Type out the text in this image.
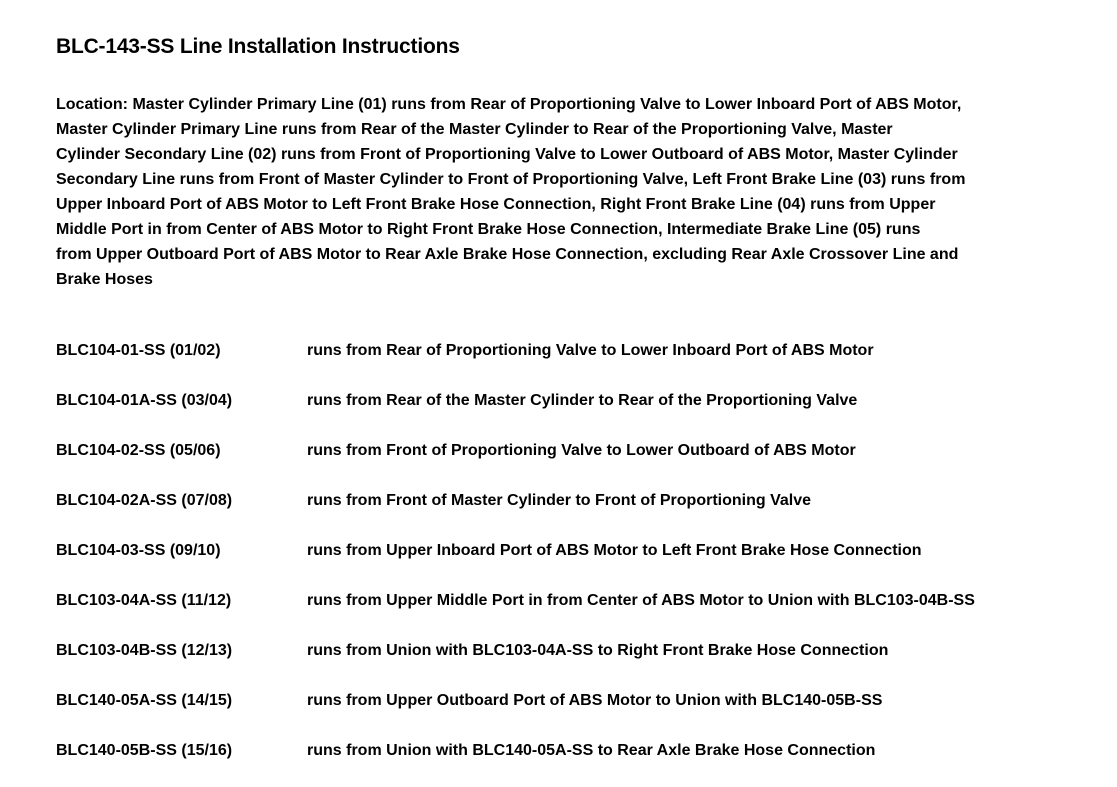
BLC-143-SS Line Installation Instructions
Location: Master Cylinder Primary Line (01) runs from Rear of Proportioning Valve to Lower Inboard Port of ABS Motor,
Master Cylinder Primary Line runs from Rear of the Master Cylinder to Rear of the Proportioning Valve, Master
Cylinder Secondary Line (02) runs from Front of Proportioning Valve to Lower Outboard of ABS Motor, Master Cylinder
Secondary Line runs from Front of Master Cylinder to Front of Proportioning Valve, Left Front Brake Line (03) runs from
Upper Inboard Port of ABS Motor to Left Front Brake Hose Connection, Right Front Brake Line (04) runs from Upper
Middle Port in from Center of ABS Motor to Right Front Brake Hose Connection, Intermediate Brake Line (05) runs
from Upper Outboard Port of ABS Motor to Rear Axle Brake Hose Connection, excluding Rear Axle Crossover Line and
Brake Hoses
BLC104-01-SS (01/02)	runs from Rear of Proportioning Valve to Lower Inboard Port of ABS Motor
BLC104-01A-SS (03/04)	runs from Rear of the Master Cylinder to Rear of the Proportioning Valve
BLC104-02-SS (05/06)	runs from Front of Proportioning Valve to Lower Outboard of ABS Motor
BLC104-02A-SS (07/08)	runs from Front of Master Cylinder to Front of Proportioning Valve
BLC104-03-SS (09/10)	runs from Upper Inboard Port of ABS Motor to Left Front Brake Hose Connection
BLC103-04A-SS (11/12)	runs from Upper Middle Port in from Center of ABS Motor to Union with BLC103-04B-SS
BLC103-04B-SS (12/13)	runs from Union with BLC103-04A-SS to Right Front Brake Hose Connection
BLC140-05A-SS (14/15)	runs from Upper Outboard Port of ABS Motor to Union with BLC140-05B-SS
BLC140-05B-SS (15/16)	runs from Union with BLC140-05A-SS to Rear Axle Brake Hose Connection
